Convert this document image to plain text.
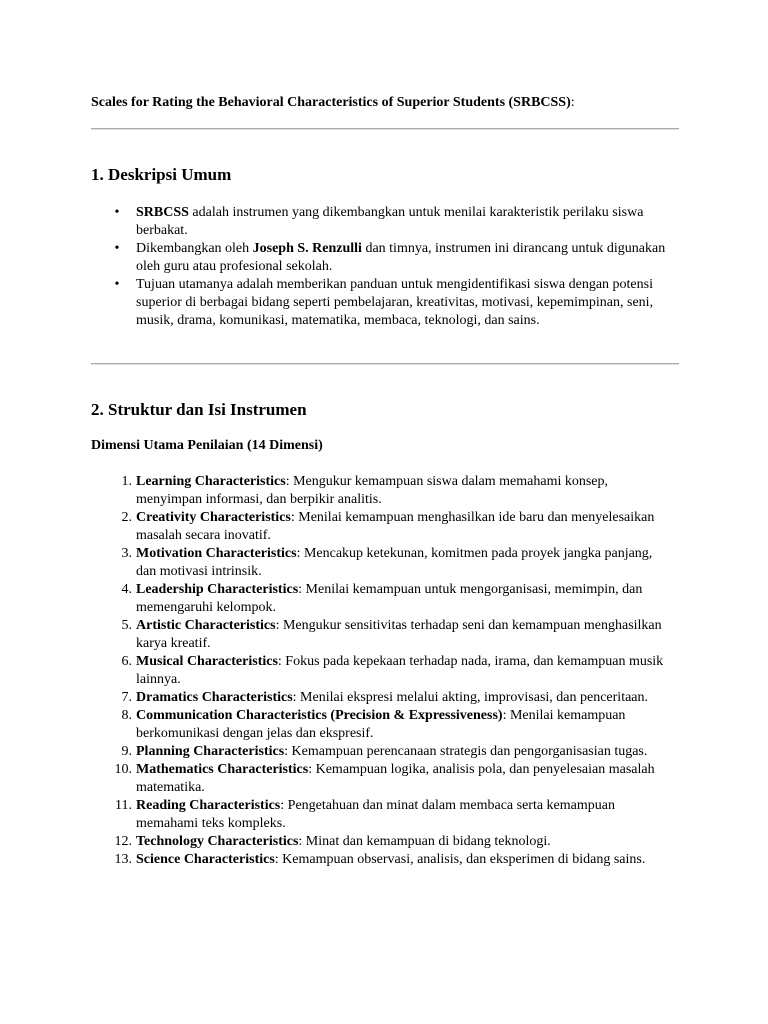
Scales for Rating the Behavioral Characteristics of Superior Students (SRBCSS):
1. Deskripsi Umum
• SRBCSS adalah instrumen yang dikembangkan untuk menilai karakteristik perilaku siswa berbakat.
• Dikembangkan oleh Joseph S. Renzulli dan timnya, instrumen ini dirancang untuk digunakan oleh guru atau profesional sekolah.
• Tujuan utamanya adalah memberikan panduan untuk mengidentifikasi siswa dengan potensi superior di berbagai bidang seperti pembelajaran, kreativitas, motivasi, kepemimpinan, seni, musik, drama, komunikasi, matematika, membaca, teknologi, dan sains.
2. Struktur dan Isi Instrumen
Dimensi Utama Penilaian (14 Dimensi)
1. Learning Characteristics: Mengukur kemampuan siswa dalam memahami konsep, menyimpan informasi, dan berpikir analitis.
2. Creativity Characteristics: Menilai kemampuan menghasilkan ide baru dan menyelesaikan masalah secara inovatif.
3. Motivation Characteristics: Mencakup ketekunan, komitmen pada proyek jangka panjang, dan motivasi intrinsik.
4. Leadership Characteristics: Menilai kemampuan untuk mengorganisasi, memimpin, dan memengaruhi kelompok.
5. Artistic Characteristics: Mengukur sensitivitas terhadap seni dan kemampuan menghasilkan karya kreatif.
6. Musical Characteristics: Fokus pada kepekaan terhadap nada, irama, dan kemampuan musik lainnya.
7. Dramatics Characteristics: Menilai ekspresi melalui akting, improvisasi, dan penceritaan.
8. Communication Characteristics (Precision & Expressiveness): Menilai kemampuan berkomunikasi dengan jelas dan ekspresif.
9. Planning Characteristics: Kemampuan perencanaan strategis dan pengorganisasian tugas.
10. Mathematics Characteristics: Kemampuan logika, analisis pola, dan penyelesaian masalah matematika.
11. Reading Characteristics: Pengetahuan dan minat dalam membaca serta kemampuan memahami teks kompleks.
12. Technology Characteristics: Minat dan kemampuan di bidang teknologi.
13. Science Characteristics: Kemampuan observasi, analisis, dan eksperimen di bidang sains.
